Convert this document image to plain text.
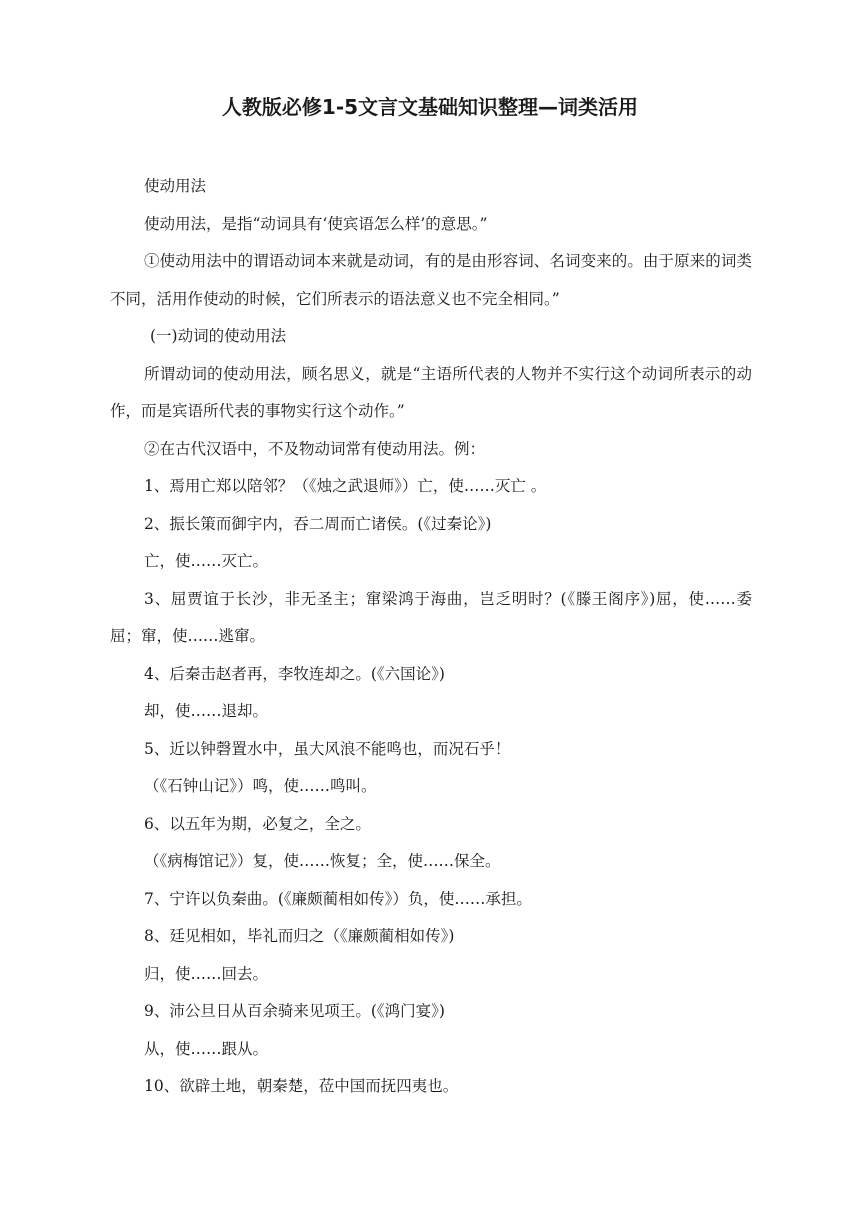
人教版必修1-5文言文基础知识整理—词类活用

使动用法

使动用法，是指“动词具有‘使宾语怎么样’的意思。”

①使动用法中的谓语动词本来就是动词，有的是由形容词、名词变来的。由于原来的词类不同，活用作使动的时候，它们所表示的语法意义也不完全相同。”

(一)动词的使动用法

所谓动词的使动用法，顾名思义，就是“主语所代表的人物并不实行这个动词所表示的动作，而是宾语所代表的事物实行这个动作。”

②在古代汉语中，不及物动词常有使动用法。例：

1、焉用亡郑以陪邻？（《烛之武退师》）亡，使……灭亡 。

2、振长策而御宇内，吞二周而亡诸侯。(《过秦论》)

亡，使……灭亡。

3、屈贾谊于长沙，非无圣主；窜梁鸿于海曲，岂乏明时？(《滕王阁序》)屈，使……委屈；窜，使……逃窜。

4、后秦击赵者再，李牧连却之。(《六国论》)

却，使……退却。

5、近以钟磬置水中，虽大风浪不能鸣也，而况石乎！

（《石钟山记》）鸣，使……鸣叫。

6、以五年为期，必复之，全之。

（《病梅馆记》）复，使……恢复；全，使……保全。

7、宁许以负秦曲。(《廉颇蔺相如传》）负，使……承担。

8、廷见相如，毕礼而归之（《廉颇蔺相如传》)

归，使……回去。

9、沛公旦日从百余骑来见项王。(《鸿门宴》)

从，使……跟从。

10、欲辟土地，朝秦楚，莅中国而抚四夷也。
